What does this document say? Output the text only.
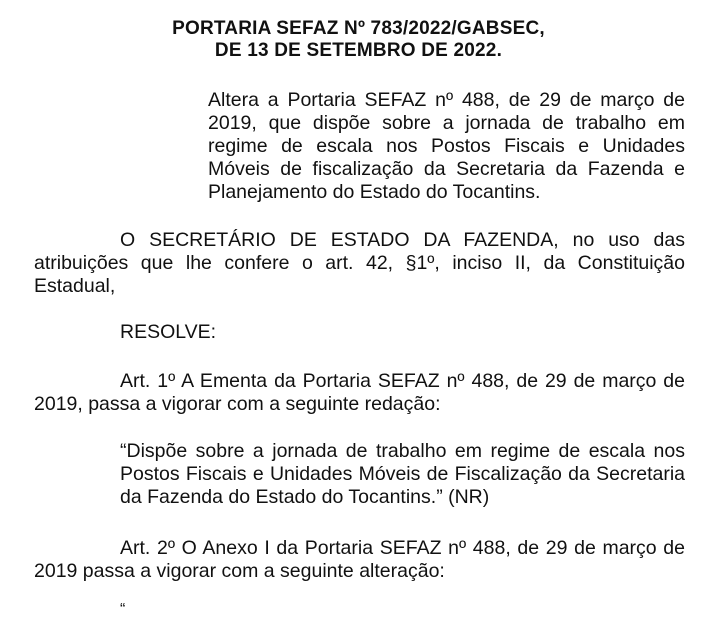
PORTARIA SEFAZ Nº 783/2022/GABSEC,
DE 13 DE SETEMBRO DE 2022.
Altera a Portaria SEFAZ nº 488, de 29 de março de
2019, que dispõe sobre a jornada de trabalho em
regime de escala nos Postos Fiscais e Unidades
Móveis de fiscalização da Secretaria da Fazenda e
Planejamento do Estado do Tocantins.
O SECRETÁRIO DE ESTADO DA FAZENDA, no uso das
atribuições que lhe confere o art. 42, §1º, inciso II, da Constituição
Estadual,
RESOLVE:
Art. 1º A Ementa da Portaria SEFAZ nº 488, de 29 de março de
2019, passa a vigorar com a seguinte redação:
“Dispõe sobre a jornada de trabalho em regime de escala nos
Postos Fiscais e Unidades Móveis de Fiscalização da Secretaria
da Fazenda do Estado do Tocantins.” (NR)
Art. 2º O Anexo I da Portaria SEFAZ nº 488, de 29 de março de
2019 passa a vigorar com a seguinte alteração:
“
